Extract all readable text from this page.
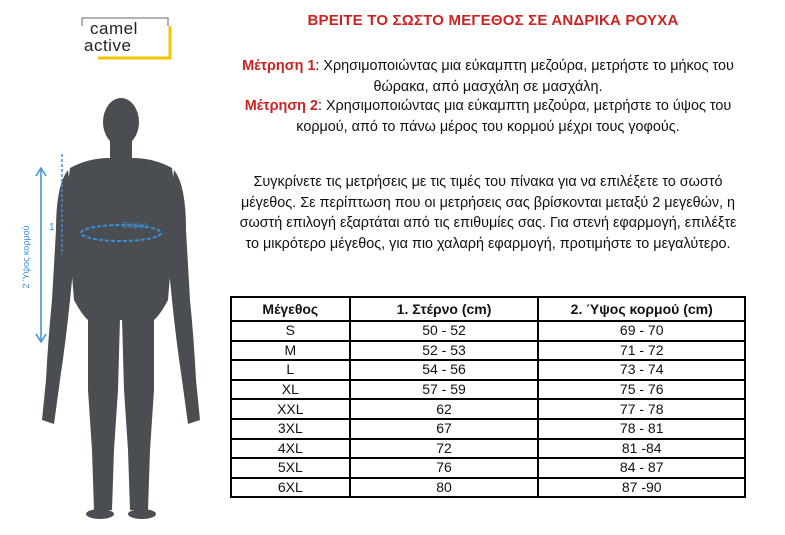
camel
active
Στέρνο
1
2 Ύψος κορμού
ΒΡΕΙΤΕ ΤΟ ΣΩΣΤΟ ΜΕΓΕΘΟΣ ΣΕ ΑΝΔΡΙΚΑ ΡΟΥΧΑ
Μέτρηση 1: Χρησιμοποιώντας μια εύκαμπτη μεζούρα, μετρήστε το μήκος του θώρακα, από μασχάλη σε μασχάλη.
Μέτρηση 2: Χρησιμοποιώντας μια εύκαμπτη μεζούρα, μετρήστε το ύψος του κορμού, από το πάνω μέρος του κορμού μέχρι τους γοφούς.
Συγκρίνετε τις μετρήσεις με τις τιμές του πίνακα για να επιλέξετε το σωστό μέγεθος. Σε περίπτωση που οι μετρήσεις σας βρίσκονται μεταξύ 2 μεγεθών, η σωστή επιλογή εξαρτάται από τις επιθυμίες σας. Για στενή εφαρμογή, επιλέξτε το μικρότερο μέγεθος, για πιο χαλαρή εφαρμογή, προτιμήστε το μεγαλύτερο.
Μέγεθος	1. Στέρνο (cm)	2. Ύψος κορμού (cm)
S	50 - 52	69 - 70
M	52 - 53	71 - 72
L	54 - 56	73 - 74
XL	57 - 59	75 - 76
XXL	62	77 - 78
3XL	67	78 - 81
4XL	72	81 -84
5XL	76	84 - 87
6XL	80	87 -90
